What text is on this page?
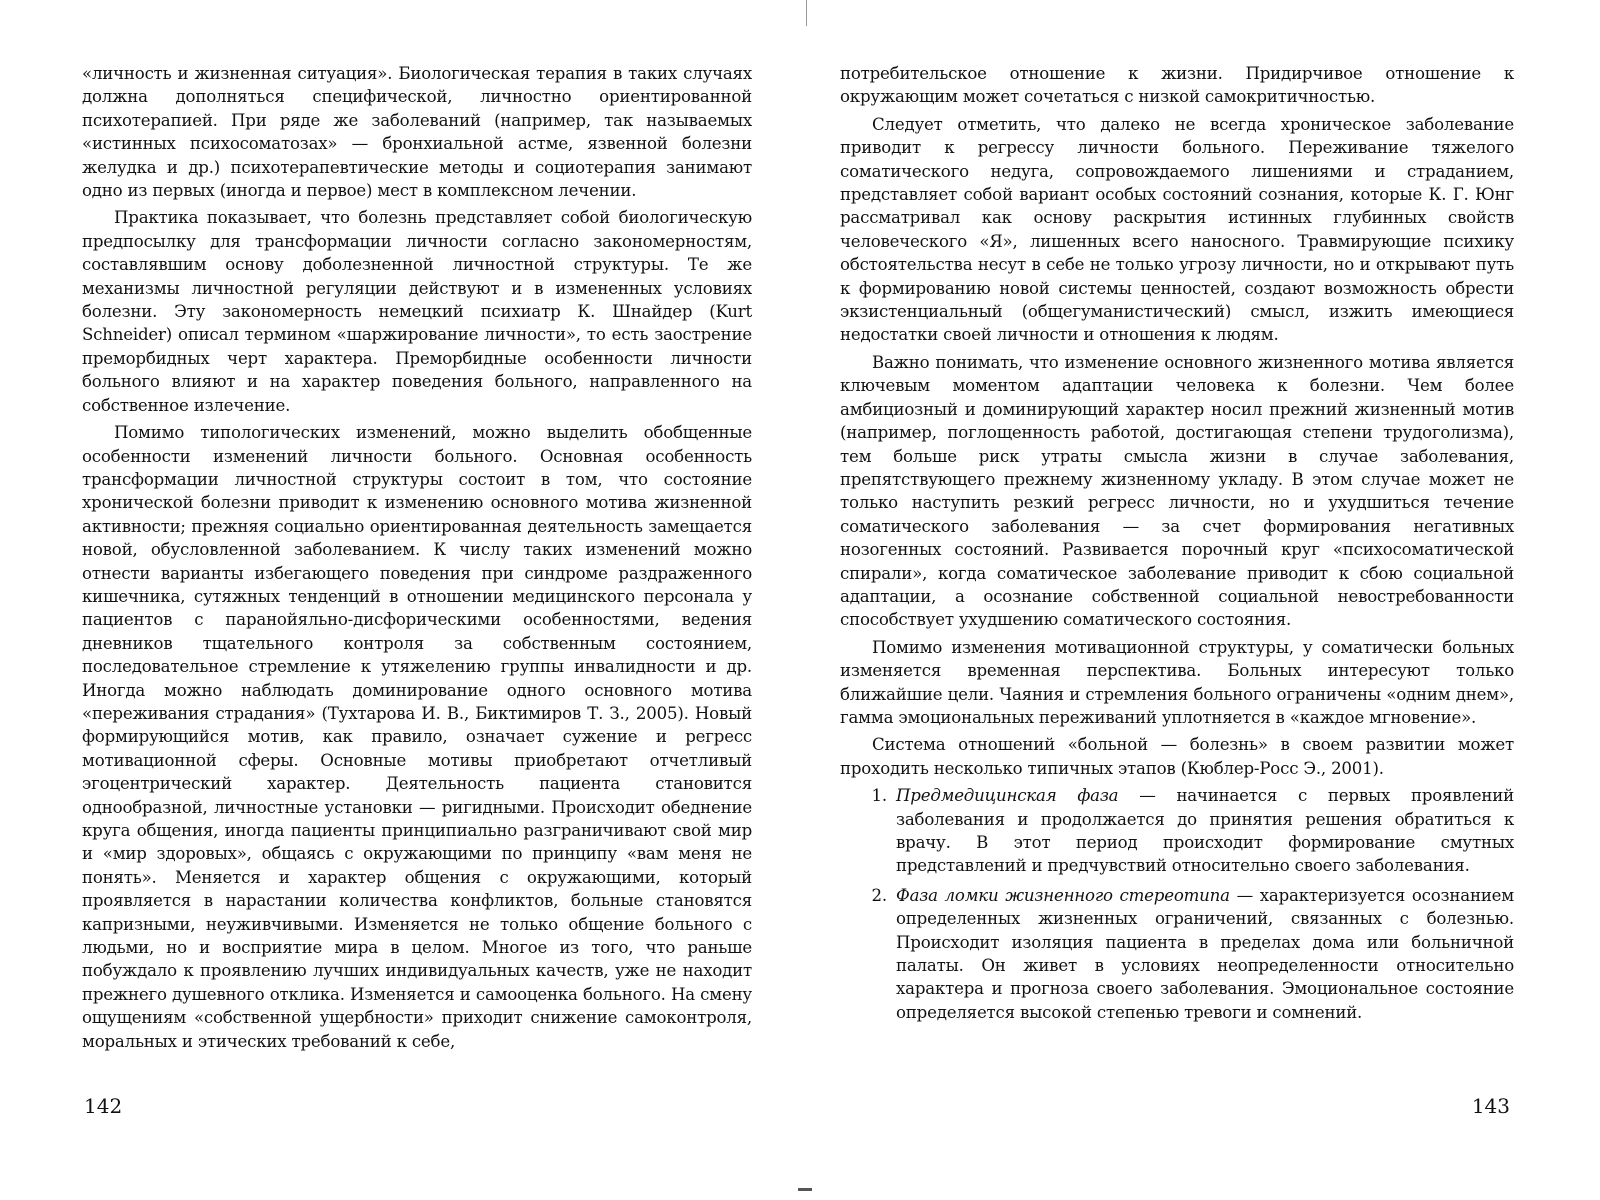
«личность и жизненная ситуация». Биологическая терапия в таких случаях должна дополняться специфической, личностно ориентированной психотерапией. При ряде же заболеваний (например, так называемых «истинных психосоматозах» — бронхиальной астме, язвенной болезни желудка и др.) психотерапевтические методы и социотерапия занимают одно из первых (иногда и первое) мест в комплексном лечении.

Практика показывает, что болезнь представляет собой биологическую предпосылку для трансформации личности согласно закономерностям, составлявшим основу доболезненной личностной структуры. Те же механизмы личностной регуляции действуют и в измененных условиях болезни. Эту закономерность немецкий психиатр К. Шнайдер (Kurt Schneider) описал термином «шаржирование личности», то есть заострение преморбидных черт характера. Преморбидные особенности личности больного влияют и на характер поведения больного, направленного на собственное излечение.

Помимо типологических изменений, можно выделить обобщенные особенности изменений личности больного. Основная особенность трансформации личностной структуры состоит в том, что состояние хронической болезни приводит к изменению основного мотива жизненной активности; прежняя социально ориентированная деятельность замещается новой, обусловленной заболеванием. К числу таких изменений можно отнести варианты избегающего поведения при синдроме раздраженного кишечника, сутяжных тенденций в отношении медицинского персонала у пациентов с паранойяльно-дисфорическими особенностями, ведения дневников тщательного контроля за собственным состоянием, последовательное стремление к утяжелению группы инвалидности и др. Иногда можно наблюдать доминирование одного основного мотива «переживания страдания» (Тухтарова И. В., Биктимиров Т. З., 2005). Новый формирующийся мотив, как правило, означает сужение и регресс мотивационной сферы. Основные мотивы приобретают отчетливый эгоцентрический характер. Деятельность пациента становится однообразной, личностные установки — ригидными. Происходит обеднение круга общения, иногда пациенты принципиально разграничивают свой мир и «мир здоровых», общаясь с окружающими по принципу «вам меня не понять». Меняется и характер общения с окружающими, который проявляется в нарастании количества конфликтов, больные становятся капризными, неуживчивыми. Изменяется не только общение больного с людьми, но и восприятие мира в целом. Многое из того, что раньше побуждало к проявлению лучших индивидуальных качеств, уже не находит прежнего душевного отклика. Изменяется и самооценка больного. На смену ощущениям «собственной ущербности» приходит снижение самоконтроля, моральных и этических требований к себе,

142

потребительское отношение к жизни. Придирчивое отношение к окружающим может сочетаться с низкой самокритичностью.

Следует отметить, что далеко не всегда хроническое заболевание приводит к регрессу личности больного. Переживание тяжелого соматического недуга, сопровождаемого лишениями и страданием, представляет собой вариант особых состояний сознания, которые К. Г. Юнг рассматривал как основу раскрытия истинных глубинных свойств человеческого «Я», лишенных всего наносного. Травмирующие психику обстоятельства несут в себе не только угрозу личности, но и открывают путь к формированию новой системы ценностей, создают возможность обрести экзистенциальный (общегуманистический) смысл, изжить имеющиеся недостатки своей личности и отношения к людям.

Важно понимать, что изменение основного жизненного мотива является ключевым моментом адаптации человека к болезни. Чем более амбициозный и доминирующий характер носил прежний жизненный мотив (например, поглощенность работой, достигающая степени трудоголизма), тем больше риск утраты смысла жизни в случае заболевания, препятствующего прежнему жизненному укладу. В этом случае может не только наступить резкий регресс личности, но и ухудшиться течение соматического заболевания — за счет формирования негативных нозогенных состояний. Развивается порочный круг «психосоматической спирали», когда соматическое заболевание приводит к сбою социальной адаптации, а осознание собственной социальной невостребованности способствует ухудшению соматического состояния.

Помимо изменения мотивационной структуры, у соматически больных изменяется временная перспектива. Больных интересуют только ближайшие цели. Чаяния и стремления больного ограничены «одним днем», гамма эмоциональных переживаний уплотняется в «каждое мгновение».

Система отношений «больной — болезнь» в своем развитии может проходить несколько типичных этапов (Кюблер-Росс Э., 2001).

1. Предмедицинская фаза — начинается с первых проявлений заболевания и продолжается до принятия решения обратиться к врачу. В этот период происходит формирование смутных представлений и предчувствий относительно своего заболевания.
2. Фаза ломки жизненного стереотипа — характеризуется осознанием определенных жизненных ограничений, связанных с болезнью. Происходит изоляция пациента в пределах дома или больничной палаты. Он живет в условиях неопределенности относительно характера и прогноза своего заболевания. Эмоциональное состояние определяется высокой степенью тревоги и сомнений.
143
